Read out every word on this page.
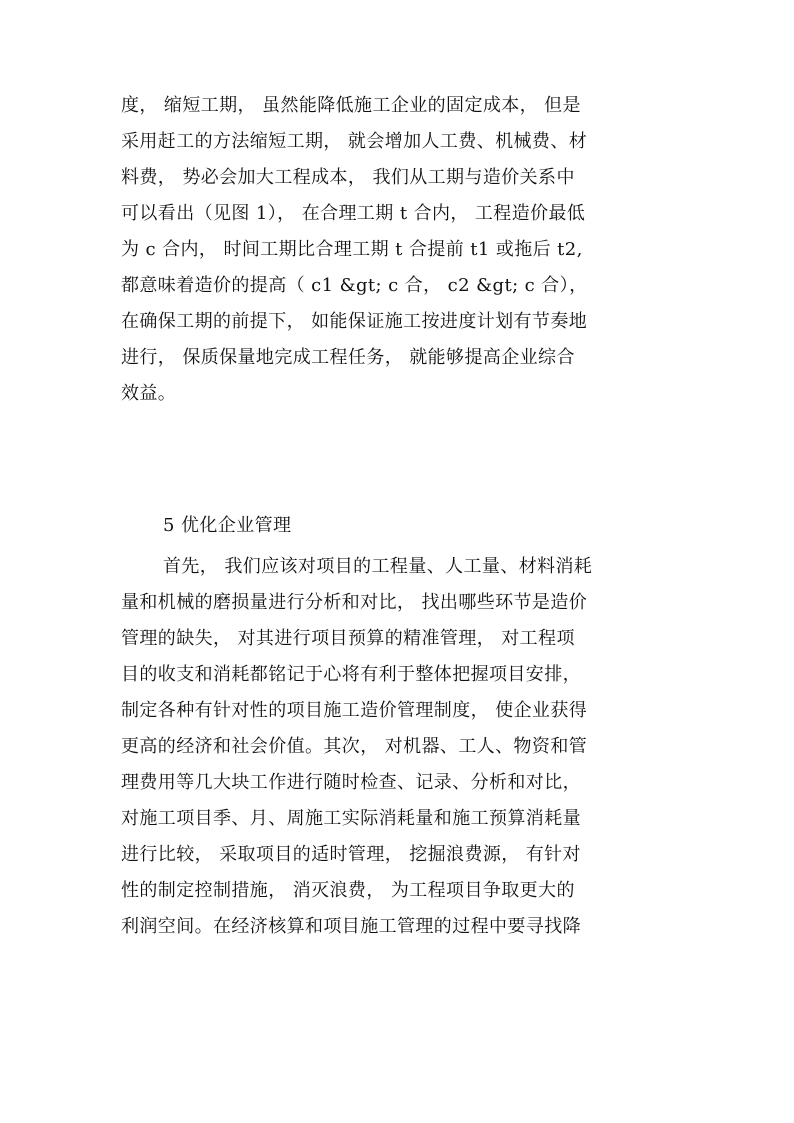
度， 缩短工期， 虽然能降低施工企业的固定成本， 但是
采用赶工的方法缩短工期， 就会增加人工费、机械费、材
料费， 势必会加大工程成本， 我们从工期与造价关系中
可以看出（见图 1）， 在合理工期 t 合内， 工程造价最低
为 c 合内， 时间工期比合理工期 t 合提前 t1 或拖后 t2,
都意味着造价的提高（ c1 &gt; c 合， c2 &gt; c 合），
在确保工期的前提下， 如能保证施工按进度计划有节奏地
进行， 保质保量地完成工程任务， 就能够提高企业综合
效益。
5 优化企业管理
首先， 我们应该对项目的工程量、人工量、材料消耗
量和机械的磨损量进行分析和对比， 找出哪些环节是造价
管理的缺失， 对其进行项目预算的精准管理， 对工程项
目的收支和消耗都铭记于心将有利于整体把握项目安排，
制定各种有针对性的项目施工造价管理制度， 使企业获得
更高的经济和社会价值。其次， 对机器、工人、物资和管
理费用等几大块工作进行随时检查、记录、分析和对比，
对施工项目季、月、周施工实际消耗量和施工预算消耗量
进行比较， 采取项目的适时管理， 挖掘浪费源， 有针对
性的制定控制措施， 消灭浪费， 为工程项目争取更大的
利润空间。在经济核算和项目施工管理的过程中要寻找降
